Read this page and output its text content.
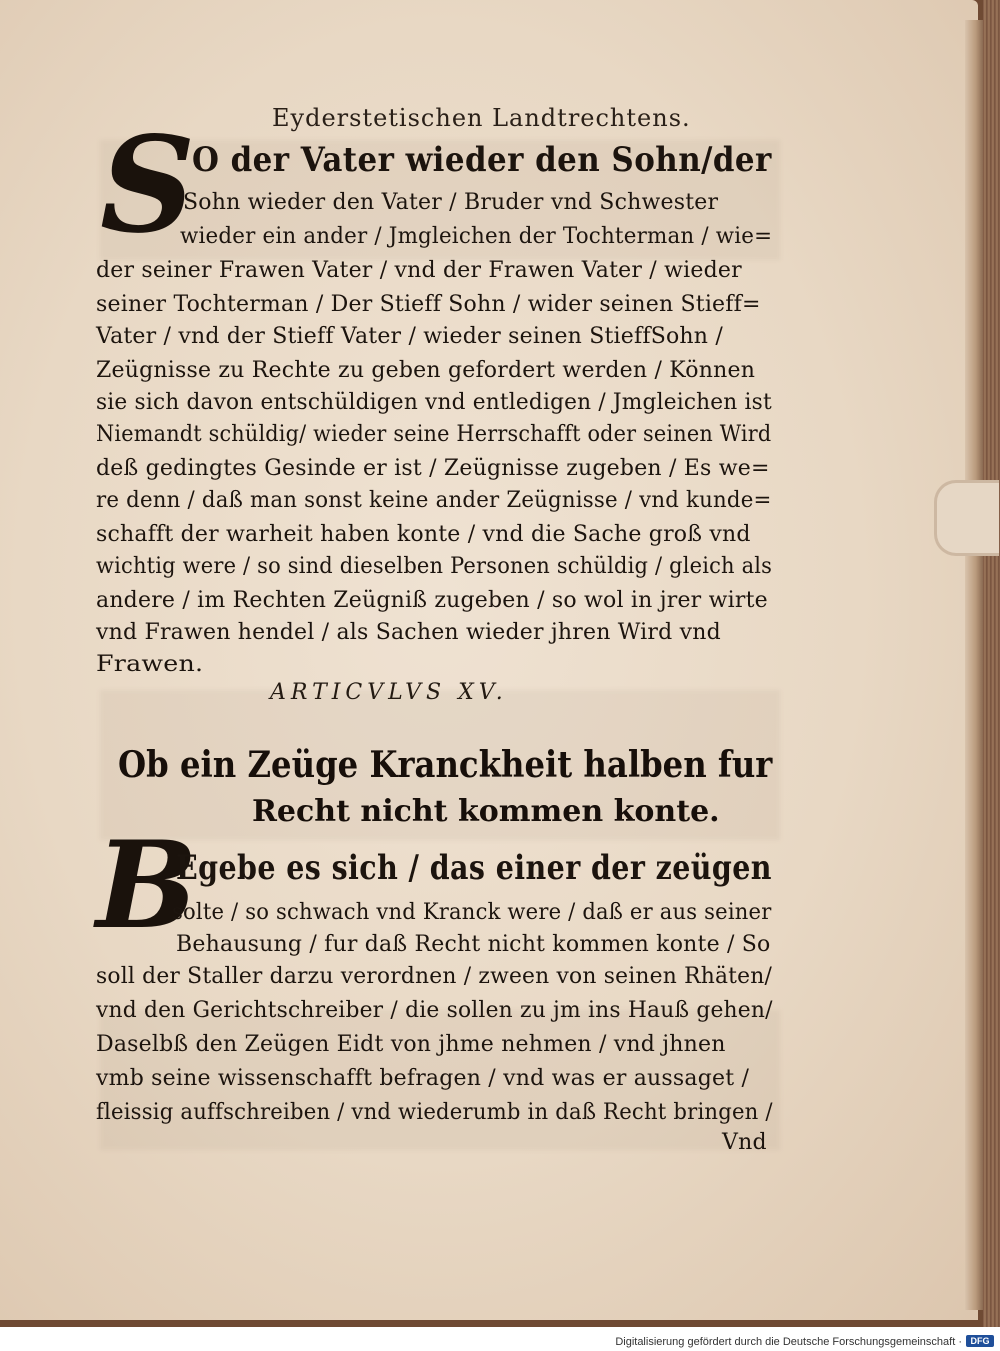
Eyderstetischen Landtrechtens.
S
O der Vater wieder den Sohn/der
Sohn wieder den Vater / Bruder vnd Schwester
wieder ein ander / Jmgleichen der Tochterman / wie=
der seiner Frawen Vater / vnd der Frawen Vater / wieder
seiner Tochterman / Der Stieff Sohn / wider seinen Stieff=
Vater / vnd der Stieff Vater / wieder seinen StieffSohn /
Zeügnisse zu Rechte zu geben gefordert werden / Können
sie sich davon entschüldigen vnd entledigen / Jmgleichen ist
Niemandt schüldig/ wieder seine Herrschafft oder seinen Wird
deß gedingtes Gesinde er ist / Zeügnisse zugeben / Es we=
re denn / daß man sonst keine ander Zeügnisse / vnd kunde=
schafft der warheit haben konte / vnd die Sache groß vnd
wichtig were / so sind dieselben Personen schüldig / gleich als
andere / im Rechten Zeügniß zugeben / so wol in jrer wirte
vnd Frawen hendel / als Sachen wieder jhren Wird vnd
Frawen.
ARTICVLVS XV.
Ob ein Zeüge Kranckheit halben fur
Recht nicht kommen konte.
B
Egebe es sich / das einer der zeügen
solte / so schwach vnd Kranck were / daß er aus seiner
Behausung / fur daß Recht nicht kommen konte / So
soll der Staller darzu verordnen / zween von seinen Rhäten/
vnd den Gerichtschreiber / die sollen zu jm ins Hauß gehen/
Daselbß den Zeügen Eidt von jhme nehmen / vnd jhnen
vmb seine wissenschafft befragen / vnd was er aussaget /
fleissig auffschreiben / vnd wiederumb in daß Recht bringen /
Vnd
Digitalisierung gefördert durch die Deutsche Forschungsgemeinschaft · DFG
